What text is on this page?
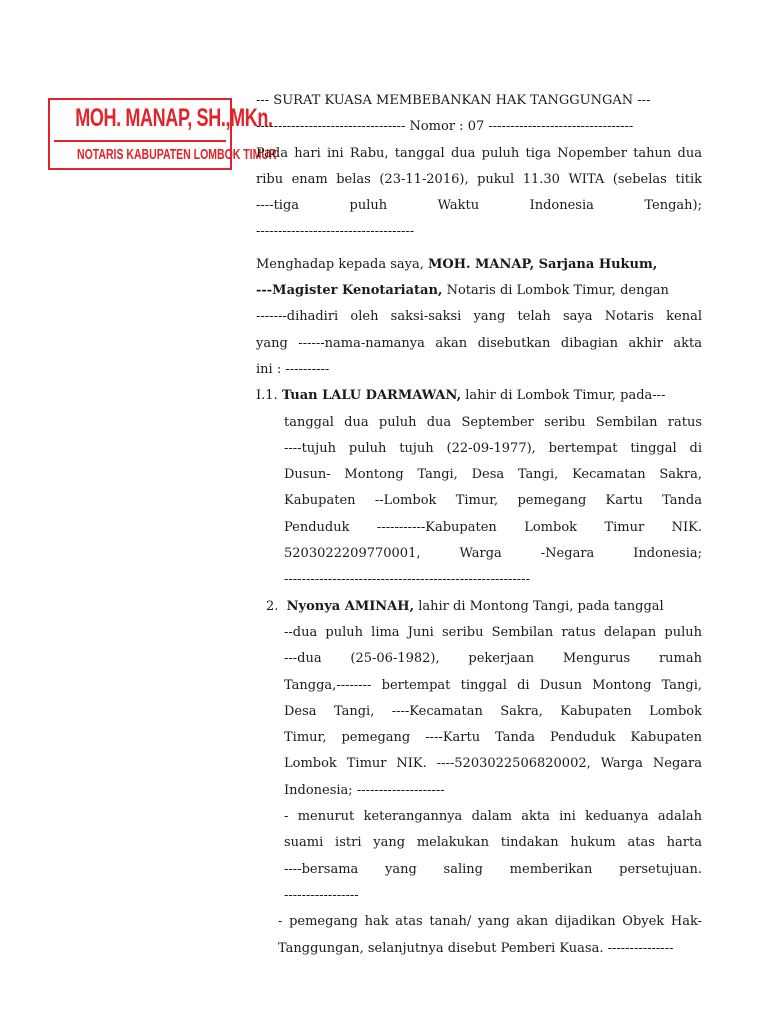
MOH. MANAP, SH.,MKn.
NOTARIS KABUPATEN LOMBOK TIMUR
--- SURAT KUASA MEMBEBANKAN HAK TANGGUNGAN ---
---------------------------------- Nomor : 07 ---------------------------------
Pada hari ini Rabu, tanggal dua puluh tiga Nopember tahun dua
ribu enam belas (23-11-2016), pukul 11.30 WITA (sebelas titik
----tiga puluh Waktu Indonesia Tengah);
------------------------------------
Menghadap kepada saya, MOH. MANAP, Sarjana Hukum,
---Magister Kenotariatan, Notaris di Lombok Timur, dengan
-------dihadiri oleh saksi-saksi yang telah saya Notaris kenal
yang ------nama-namanya akan disebutkan dibagian akhir akta
ini : ----------
I.1. Tuan LALU DARMAWAN, lahir di Lombok Timur, pada---
tanggal dua puluh dua September seribu Sembilan ratus
----tujuh puluh tujuh (22-09-1977), bertempat tinggal di
Dusun- Montong Tangi, Desa Tangi, Kecamatan Sakra,
Kabupaten --Lombok Timur, pemegang Kartu Tanda
Penduduk -----------Kabupaten Lombok Timur NIK.
5203022209770001, Warga -Negara Indonesia;
--------------------------------------------------------
2. Nyonya AMINAH, lahir di Montong Tangi, pada tanggal
--dua puluh lima Juni seribu Sembilan ratus delapan puluh
---dua (25-06-1982), pekerjaan Mengurus rumah
Tangga,-------- bertempat tinggal di Dusun Montong Tangi,
Desa Tangi, ----Kecamatan Sakra, Kabupaten Lombok
Timur, pemegang ----Kartu Tanda Penduduk Kabupaten
Lombok Timur NIK. ----5203022506820002, Warga Negara
Indonesia; --------------------
- menurut keterangannya dalam akta ini keduanya adalah
suami istri yang melakukan tindakan hukum atas harta
----bersama yang saling memberikan persetujuan.
-----------------
- pemegang hak atas tanah/ yang akan dijadikan Obyek Hak-
Tanggungan, selanjutnya disebut Pemberi Kuasa. ---------------
